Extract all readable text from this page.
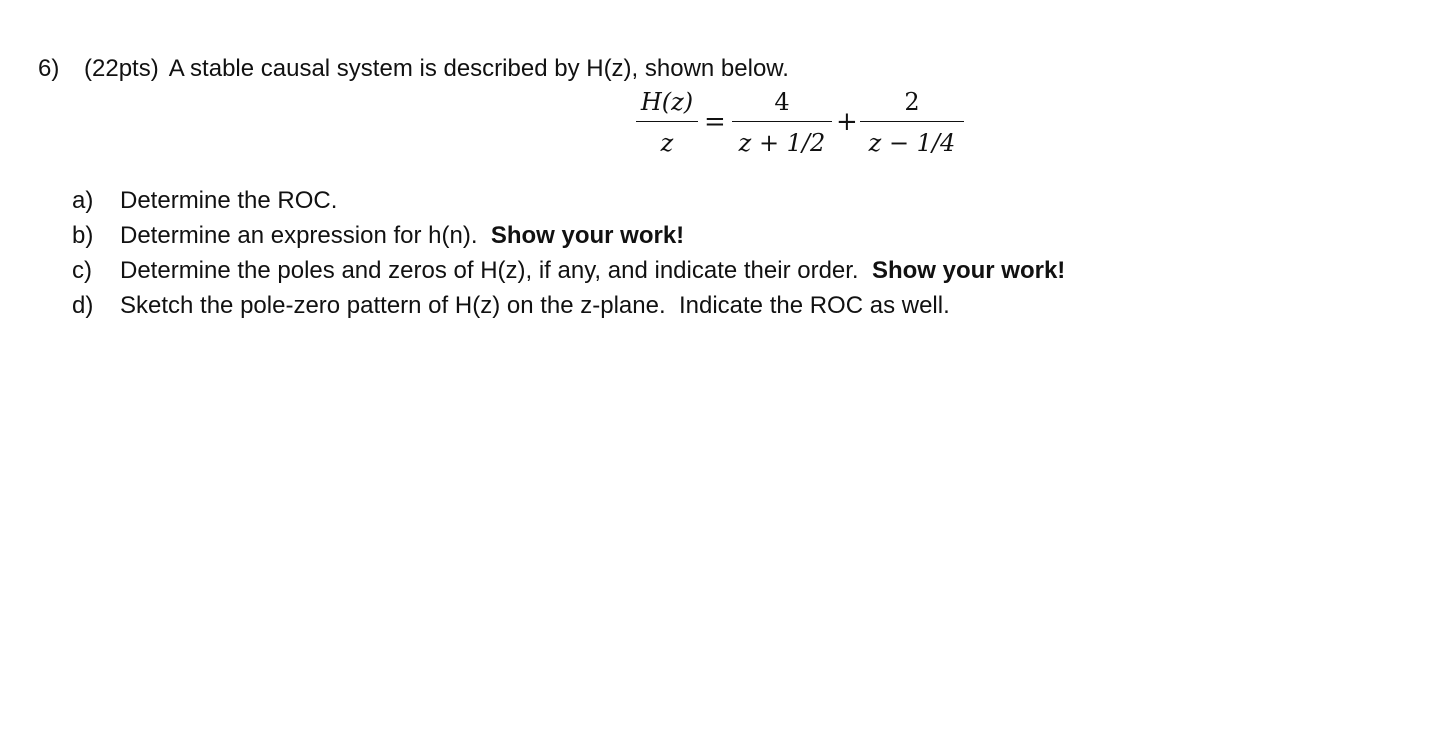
6) (22pts) A stable causal system is described by H(z), shown below.
H(z)
z
=
4
z + 1/2
+
2
z − 1/4
a) Determine the ROC.
b) Determine an expression for h(n).  Show your work!
c) Determine the poles and zeros of H(z), if any, and indicate their order.  Show your work!
d) Sketch the pole-zero pattern of H(z) on the z-plane.  Indicate the ROC as well.
